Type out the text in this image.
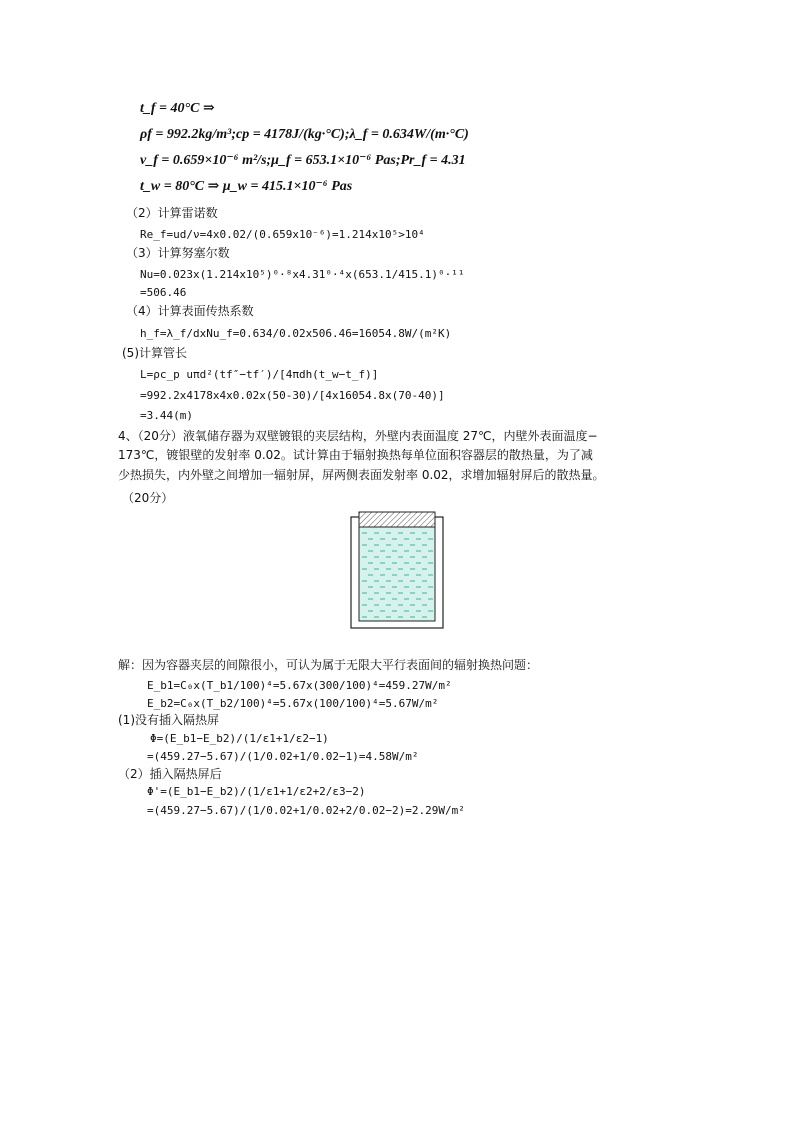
t_f = 40°C ⇒
ρf = 992.2kg/m³;cp = 4178J/(kg·°C);λ_f = 0.634W/(m·°C)
ν_f = 0.659×10⁻⁶ m²/s;μ_f = 653.1×10⁻⁶ Pas;Pr_f = 4.31
t_w = 80°C ⇒ μ_w = 415.1×10⁻⁶ Pas
（2）计算雷诺数
Re_f=ud/ν=4x0.02/(0.659x10⁻⁶)=1.214x10⁵>10⁴
（3）计算努塞尔数
Nu=0.023x(1.214x10⁵)⁰·⁸x4.31⁰·⁴x(653.1/415.1)⁰·¹¹
=506.46
（4）计算表面传热系数
h_f=λ_f/dxNu_f=0.634/0.02x506.46=16054.8W/(m²K)
(5)计算管长
L=ρc_p uπd²(tf″−tf′)/[4πdh(t_w−t_f)]
=992.2x4178x4x0.02x(50-30)/[4x16054.8x(70-40)]
=3.44(m)
4、（20分）液氧储存器为双壁镀银的夹层结构，外壁内表面温度 27℃，内壁外表面温度−
173℃，镀银壁的发射率 0.02。试计算由于辐射换热每单位面积容器层的散热量，为了减
少热损失，内外壁之间增加一辐射屏，屏两侧表面发射率 0.02，求增加辐射屏后的散热量。
（20分）
解：因为容器夹层的间隙很小，可认为属于无限大平行表面间的辐射换热问题：
E_b1=C₀x(T_b1/100)⁴=5.67x(300/100)⁴=459.27W/m²
E_b2=C₀x(T_b2/100)⁴=5.67x(100/100)⁴=5.67W/m²
(1)没有插入隔热屏
Φ=(E_b1−E_b2)/(1/ε1+1/ε2−1)
=(459.27−5.67)/(1/0.02+1/0.02−1)=4.58W/m²
（2）插入隔热屏后
Φ'=(E_b1−E_b2)/(1/ε1+1/ε2+2/ε3−2)
=(459.27−5.67)/(1/0.02+1/0.02+2/0.02−2)=2.29W/m²
